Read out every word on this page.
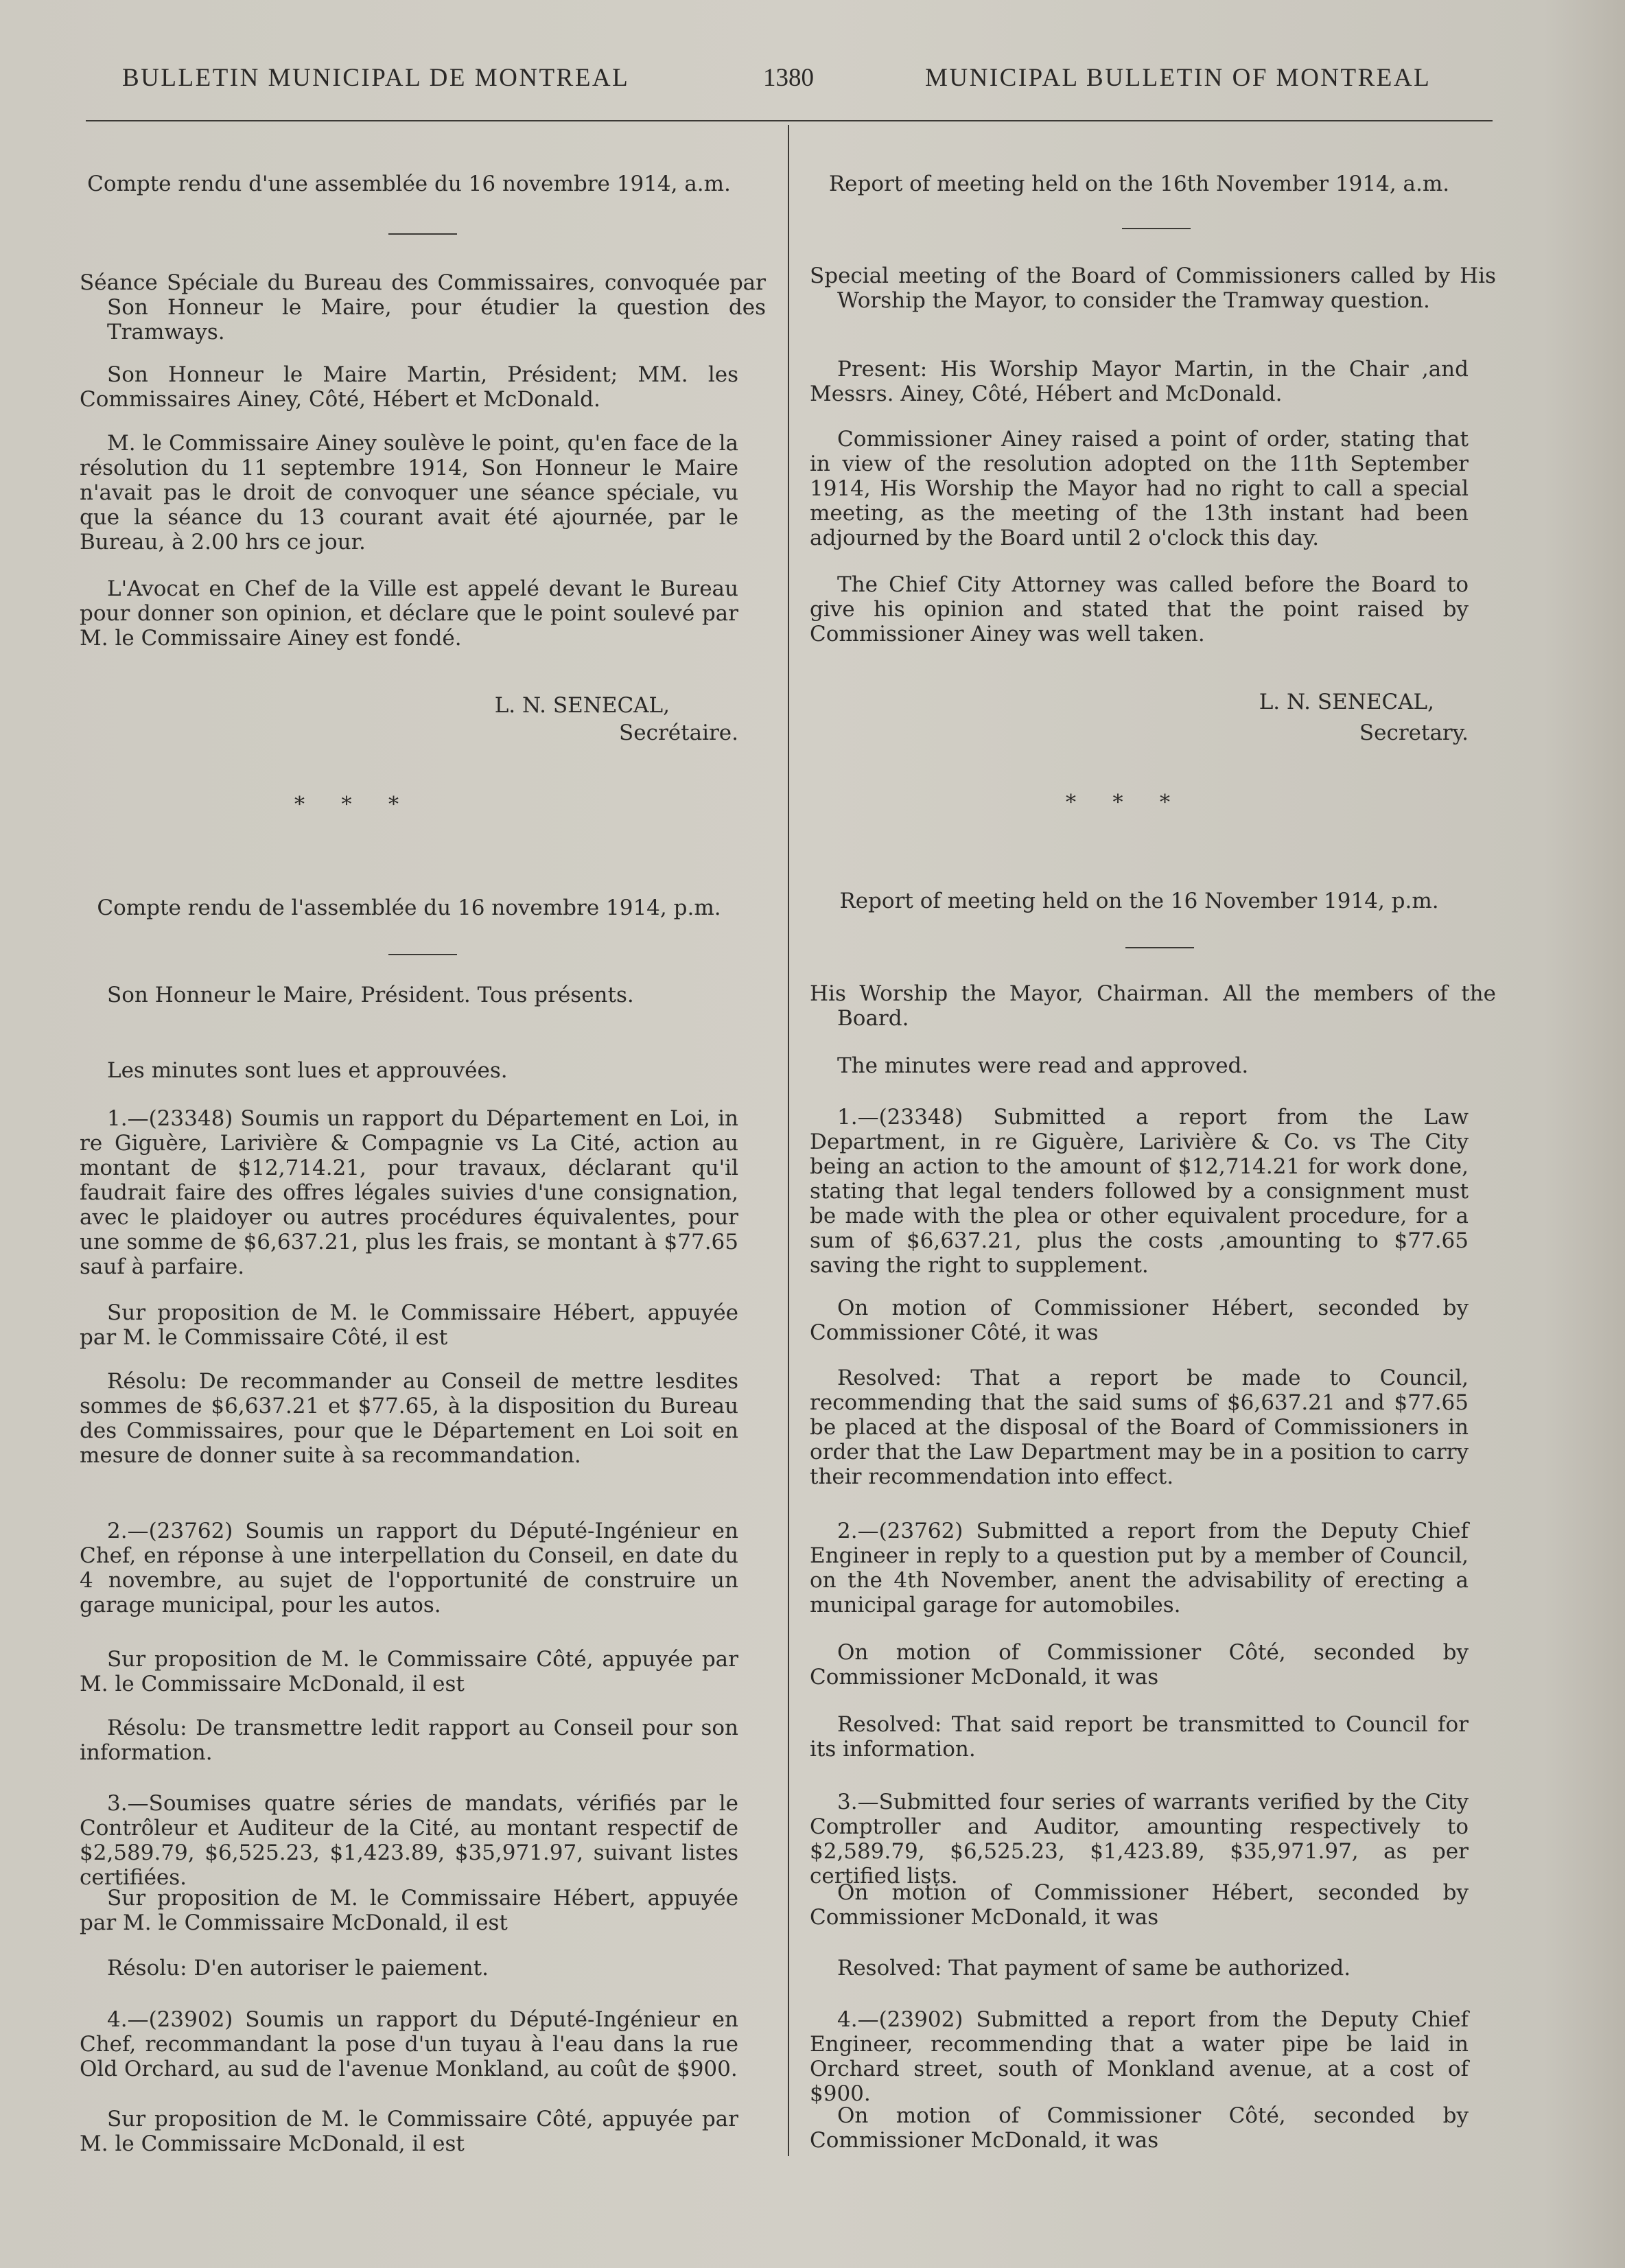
BULLETIN MUNICIPAL DE MONTREAL	1380	MUNICIPAL BULLETIN OF MONTREAL

Compte rendu d'une assemblée du 16 novembre 1914, a.m.

Séance Spéciale du Bureau des Commissaires, convoquée par Son Honneur le Maire, pour étudier la question des Tramways.

Son Honneur le Maire Martin, Président; MM. les Commissaires Ainey, Côté, Hébert et McDonald.

M. le Commissaire Ainey soulève le point, qu'en face de la résolution du 11 septembre 1914, Son Honneur le Maire n'avait pas le droit de convoquer une séance spéciale, vu que la séance du 13 courant avait été ajournée, par le Bureau, à 2.00 hrs ce jour.

L'Avocat en Chef de la Ville est appelé devant le Bureau pour donner son opinion, et déclare que le point soulevé par M. le Commissaire Ainey est fondé.

L. N. SENECAL,
Secrétaire.
* * *

Compte rendu de l'assemblée du 16 novembre 1914, p.m.

Son Honneur le Maire, Président. Tous présents.

Les minutes sont lues et approuvées.

1.—(23348) Soumis un rapport du Département en Loi, in re Giguère, Larivière & Compagnie vs La Cité, action au montant de $12,714.21, pour travaux, déclarant qu'il faudrait faire des offres légales suivies d'une consignation, avec le plaidoyer ou autres procédures équivalentes, pour une somme de $6,637.21, plus les frais, se montant à $77.65 sauf à parfaire.

Sur proposition de M. le Commissaire Hébert, appuyée par M. le Commissaire Côté, il est

Résolu: De recommander au Conseil de mettre lesdites sommes de $6,637.21 et $77.65, à la disposition du Bureau des Commissaires, pour que le Département en Loi soit en mesure de donner suite à sa recommandation.

2.—(23762) Soumis un rapport du Député-Ingénieur en Chef, en réponse à une interpellation du Conseil, en date du 4 novembre, au sujet de l'opportunité de construire un garage municipal, pour les autos.

Sur proposition de M. le Commissaire Côté, appuyée par M. le Commissaire McDonald, il est

Résolu: De transmettre ledit rapport au Conseil pour son information.

3.—Soumises quatre séries de mandats, vérifiés par le Contrôleur et Auditeur de la Cité, au montant respectif de $2,589.79, $6,525.23, $1,423.89, $35,971.97, suivant listes certifiées.

Sur proposition de M. le Commissaire Hébert, appuyée par M. le Commissaire McDonald, il est

Résolu: D'en autoriser le paiement.

4.—(23902) Soumis un rapport du Député-Ingénieur en Chef, recommandant la pose d'un tuyau à l'eau dans la rue Old Orchard, au sud de l'avenue Monkland, au coût de $900.

Sur proposition de M. le Commissaire Côté, appuyée par M. le Commissaire McDonald, il est

Report of meeting held on the 16th November 1914, a.m.

Special meeting of the Board of Commissioners called by His Worship the Mayor, to consider the Tramway question.

Present: His Worship Mayor Martin, in the Chair ,and Messrs. Ainey, Côté, Hébert and McDonald.

Commissioner Ainey raised a point of order, stating that in view of the resolution adopted on the 11th September 1914, His Worship the Mayor had no right to call a special meeting, as the meeting of the 13th instant had been adjourned by the Board until 2 o'clock this day.

The Chief City Attorney was called before the Board to give his opinion and stated that the point raised by Commissioner Ainey was well taken.

L. N. SENECAL,
Secretary.
* * *

Report of meeting held on the 16 November 1914, p.m.

His Worship the Mayor, Chairman. All the members of the Board.

The minutes were read and approved.

1.—(23348) Submitted a report from the Law Department, in re Giguère, Larivière & Co. vs The City being an action to the amount of $12,714.21 for work done, stating that legal tenders followed by a consignment must be made with the plea or other equivalent procedure, for a sum of $6,637.21, plus the costs ,amounting to $77.65 saving the right to supplement.

On motion of Commissioner Hébert, seconded by Commissioner Côté, it was

Resolved: That a report be made to Council, recommending that the said sums of $6,637.21 and $77.65 be placed at the disposal of the Board of Commissioners in order that the Law Department may be in a position to carry their recommendation into effect.

2.—(23762) Submitted a report from the Deputy Chief Engineer in reply to a question put by a member of Council, on the 4th November, anent the advisability of erecting a municipal garage for automobiles.

On motion of Commissioner Côté, seconded by Commissioner McDonald, it was

Resolved: That said report be transmitted to Council for its information.

3.—Submitted four series of warrants verified by the City Comptroller and Auditor, amounting respectively to $2,589.79, $6,525.23, $1,423.89, $35,971.97, as per certified lists.

On motion of Commissioner Hébert, seconded by Commissioner McDonald, it was

Resolved: That payment of same be authorized.

4.—(23902) Submitted a report from the Deputy Chief Engineer, recommending that a water pipe be laid in Orchard street, south of Monkland avenue, at a cost of $900.

On motion of Commissioner Côté, seconded by Commissioner McDonald, it was
